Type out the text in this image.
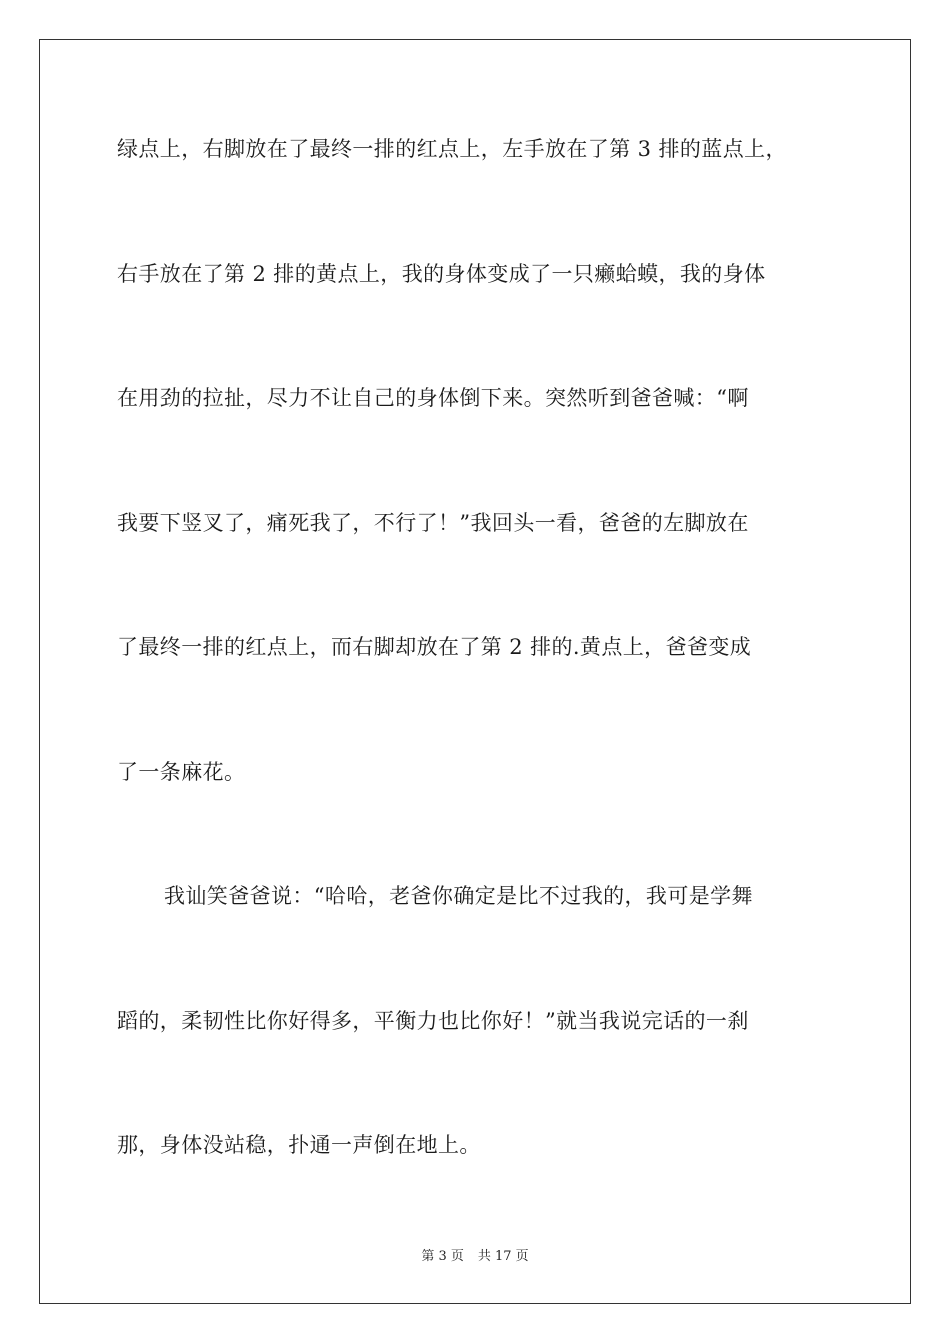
绿点上，右脚放在了最终一排的红点上，左手放在了第 3 排的蓝点上，
右手放在了第 2 排的黄点上，我的身体变成了一只癞蛤蟆，我的身体
在用劲的拉扯，尽力不让自己的身体倒下来。突然听到爸爸喊：“啊
我要下竖叉了，痛死我了，不行了！”我回头一看，爸爸的左脚放在
了最终一排的红点上，而右脚却放在了第 2 排的.黄点上，爸爸变成
了一条麻花。
我讪笑爸爸说：“哈哈，老爸你确定是比不过我的，我可是学舞
蹈的，柔韧性比你好得多，平衡力也比你好！”就当我说完话的一刹
那，身体没站稳，扑通一声倒在地上。
第 3 页 共 17 页
